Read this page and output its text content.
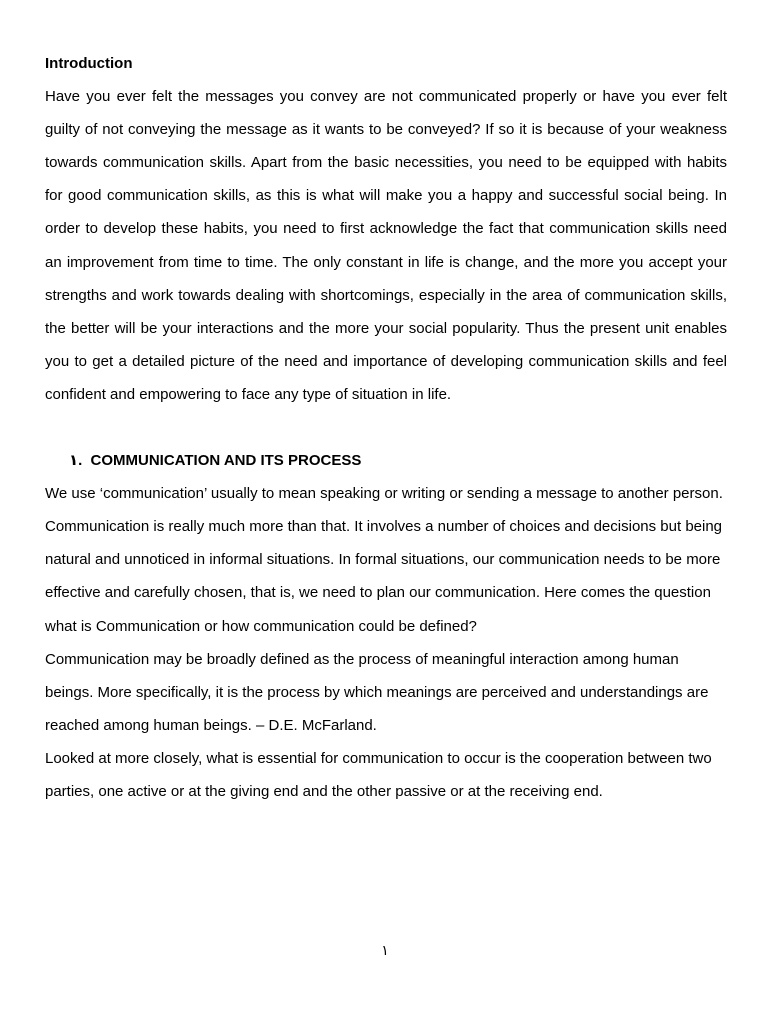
Introduction

Have you ever felt the messages you convey are not communicated properly or have you ever felt guilty of not conveying the message as it wants to be conveyed? If so it is because of your weakness towards communication skills. Apart from the basic necessities, you need to be equipped with habits for good communication skills, as this is what will make you a happy and successful social being. In order to develop these habits, you need to first acknowledge the fact that communication skills need an improvement from time to time. The only constant in life is change, and the more you accept your strengths and work towards dealing with shortcomings, especially in the area of communication skills, the better will be your interactions and the more your social popularity. Thus the present unit enables you to get a detailed picture of the need and importance of developing communication skills and feel confident and empowering to face any type of situation in life.

١. COMMUNICATION AND ITS PROCESS

We use ‘communication’ usually to mean speaking or writing or sending a message to another person. Communication is really much more than that. It involves a number of choices and decisions but being natural and unnoticed in informal situations. In formal situations, our communication needs to be more effective and carefully chosen, that is, we need to plan our communication. Here comes the question what is Communication or how communication could be defined?

Communication may be broadly defined as the process of meaningful interaction among human beings. More specifically, it is the process by which meanings are perceived and understandings are reached among human beings. – D.E. McFarland.

Looked at more closely, what is essential for communication to occur is the cooperation between two parties, one active or at the giving end and the other passive or at the receiving end.

١
